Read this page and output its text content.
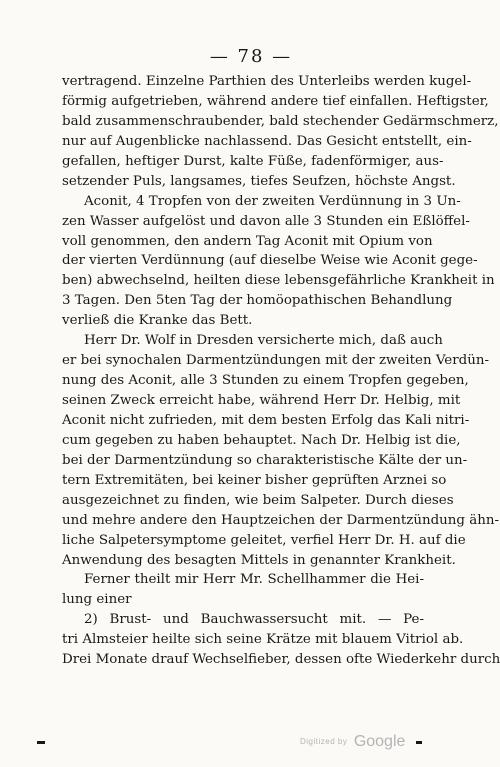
— 78 —
vertragend. Einzelne Parthien des Unterleibs werden kugel-
förmig aufgetrieben, während andere tief einfallen. Heftigster,
bald zusammenschraubender, bald stechender Gedärmschmerz,
nur auf Augenblicke nachlassend. Das Gesicht entstellt, ein-
gefallen, heftiger Durst, kalte Füße, fadenförmiger, aus-
setzender Puls, langsames, tiefes Seufzen, höchste Angst.
Aconit, 4 Tropfen von der zweiten Verdünnung in 3 Un-
zen Wasser aufgelöst und davon alle 3 Stunden ein Eßlöffel-
voll genommen, den andern Tag Aconit mit Opium von
der vierten Verdünnung (auf dieselbe Weise wie Aconit gege-
ben) abwechselnd, heilten diese lebensgefährliche Krankheit in
3 Tagen. Den 5ten Tag der homöopathischen Behandlung
verließ die Kranke das Bett.
Herr Dr. Wolf in Dresden versicherte mich, daß auch
er bei synochalen Darmentzündungen mit der zweiten Verdün-
nung des Aconit, alle 3 Stunden zu einem Tropfen gegeben,
seinen Zweck erreicht habe, während Herr Dr. Helbig, mit
Aconit nicht zufrieden, mit dem besten Erfolg das Kali nitri-
cum gegeben zu haben behauptet. Nach Dr. Helbig ist die,
bei der Darmentzündung so charakteristische Kälte der un-
tern Extremitäten, bei keiner bisher geprüften Arznei so
ausgezeichnet zu finden, wie beim Salpeter. Durch dieses
und mehre andere den Hauptzeichen der Darmentzündung ähn-
liche Salpetersymptome geleitet, verfiel Herr Dr. H. auf die
Anwendung des besagten Mittels in genannter Krankheit.
Ferner theilt mir Herr Mr. Schellhammer die Hei-
lung einer
2) Brust- und Bauchwassersucht mit. — Pe-
tri Almsteier heilte sich seine Krätze mit blauem Vitriol ab.
Drei Monate drauf Wechselfieber, dessen ofte Wiederkehr durch
Digitized by Google
